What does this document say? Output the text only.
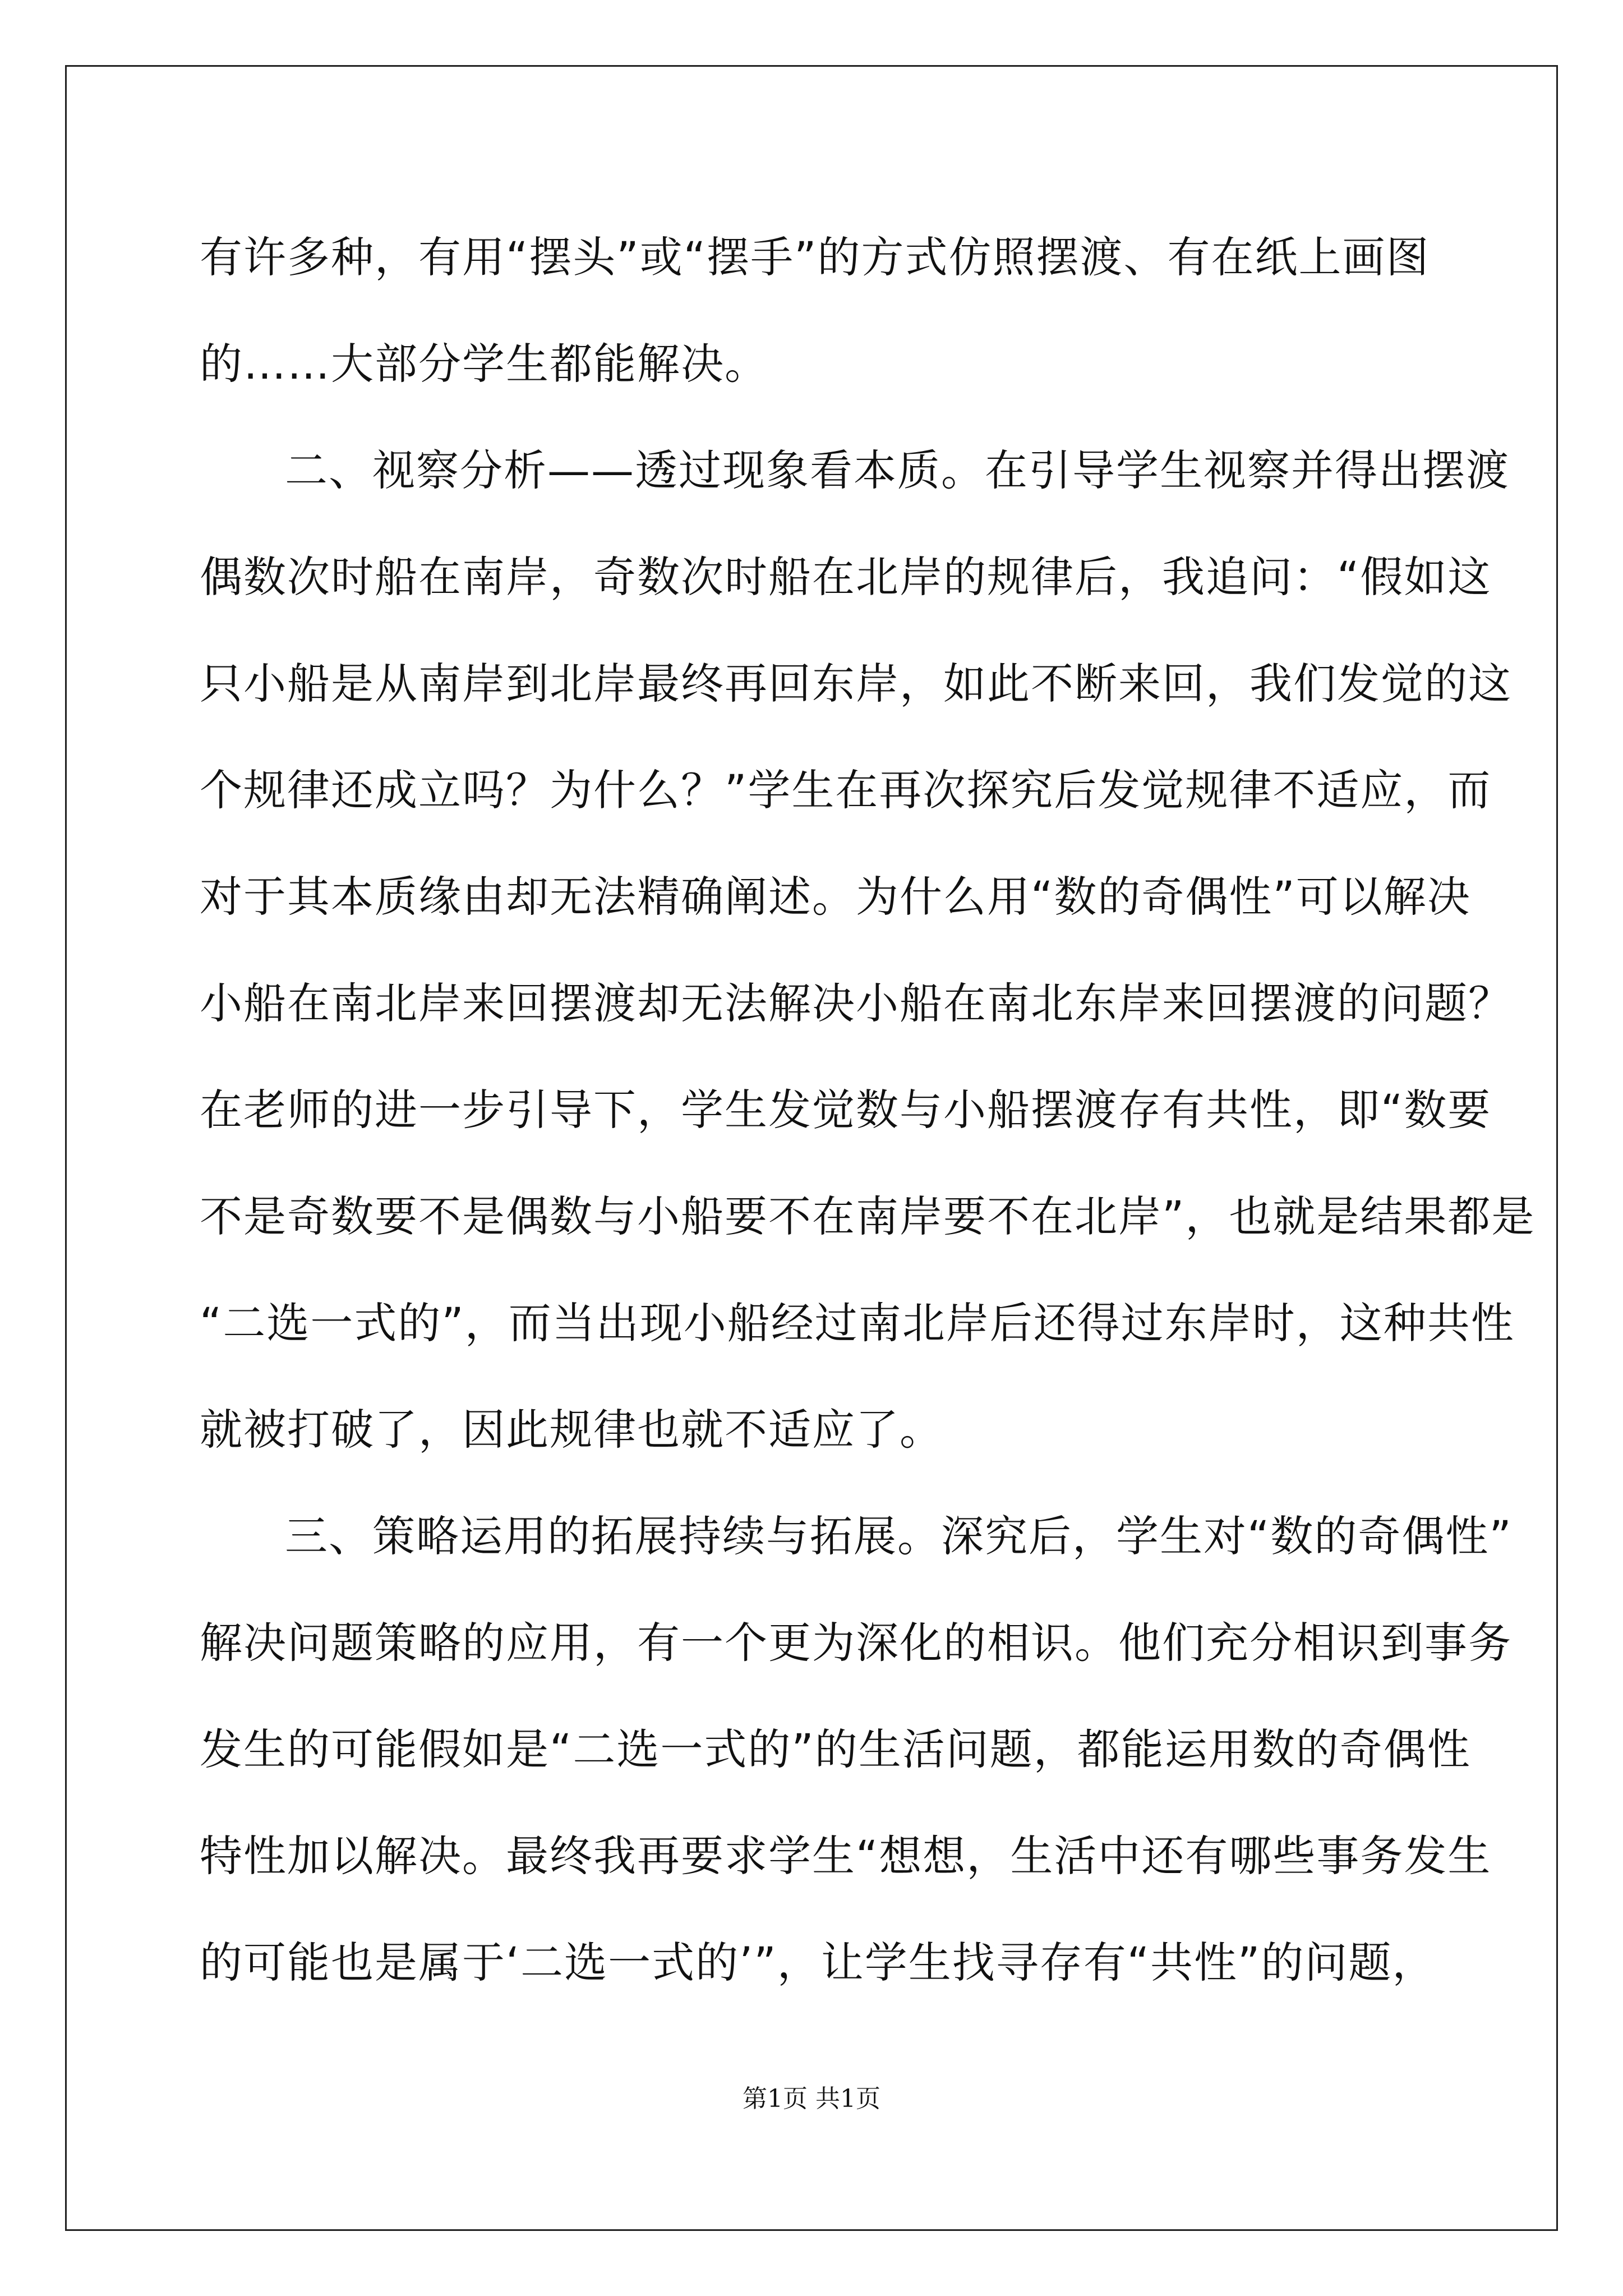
有许多种，有用“摆头”或“摆手”的方式仿照摆渡、有在纸上画图
的……大部分学生都能解决。
二、视察分析——透过现象看本质。在引导学生视察并得出摆渡
偶数次时船在南岸，奇数次时船在北岸的规律后，我追问：“假如这
只小船是从南岸到北岸最终再回东岸，如此不断来回，我们发觉的这
个规律还成立吗？为什么？”学生在再次探究后发觉规律不适应，而
对于其本质缘由却无法精确阐述。为什么用“数的奇偶性”可以解决
小船在南北岸来回摆渡却无法解决小船在南北东岸来回摆渡的问题？
在老师的进一步引导下，学生发觉数与小船摆渡存有共性，即“数要
不是奇数要不是偶数与小船要不在南岸要不在北岸”，也就是结果都是
“二选一式的”，而当出现小船经过南北岸后还得过东岸时，这种共性
就被打破了，因此规律也就不适应了。
三、策略运用的拓展持续与拓展。深究后，学生对“数的奇偶性”
解决问题策略的应用，有一个更为深化的相识。他们充分相识到事务
发生的可能假如是“二选一式的”的生活问题，都能运用数的奇偶性
特性加以解决。最终我再要求学生“想想，生活中还有哪些事务发生
的可能也是属于‘二选一式的’”，让学生找寻存有“共性”的问题，
第1页 共1页
